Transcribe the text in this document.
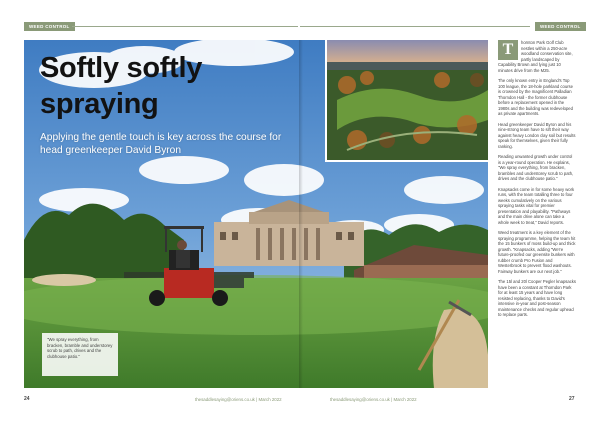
WEED CONTROL	WEED CONTROL
Softly softly
spraying
Applying the gentle touch is key across the course for head greenkeeper David Byron
"We spray everything, from bracken, bramble and understorey scrub to path, drives and the clubhouse patio."

T	hornton Park Golf Club nestles within a 250-acre woodland conservation site, partly landscaped by Capability Brown and lying just 10 minutes drive from the M25.

The only known entry in England's Top 100 league, the 18-hole parkland course is crowned by the magnificent Palladian Thorndon Hall - the former clubhouse before a replacement opened in the 1980s and the building was redeveloped as private apartments.

Head greenkeeper David Byron and his nine-strong team have to sift their way against heavy London clay soil but results speak for themselves, given their fully ranking.

Reading unwanted growth under control is a year-round operation. He explains, "We spray everything, from bracken, brambles and understorey scrub to path, drives and the clubhouse patio."

Knapsacks come in for some heavy work runs, with the team totalling three to four weeks cumulatively on the various spraying tasks vital for premier presentation and playability. "Pathways and the main drive alone can take a whole week to treat," David reports.

Weed treatment is a key element of the spraying programme, helping the team hit the 15 bunkers of moss build-up and thick growth. "Knapsacks, adding "We're future-proofed our greensite bunkers with rubber crumb Pro Fusion and Westerbrook to prevent flood washouts. Fairway bunkers are our next job."

The 15l and 20l Cooper Pegler knapsacks have been a constant at Thorndon Park for at least 15 years and have long resisted replacing, thanks to David's intensive in-year and post-season maintenance checks and regular uphead to replace parts.

24	thesaddlesaying@oriens.co.uk | March 2022	thesaddlesaying@oriens.co.uk | March 2022	27
